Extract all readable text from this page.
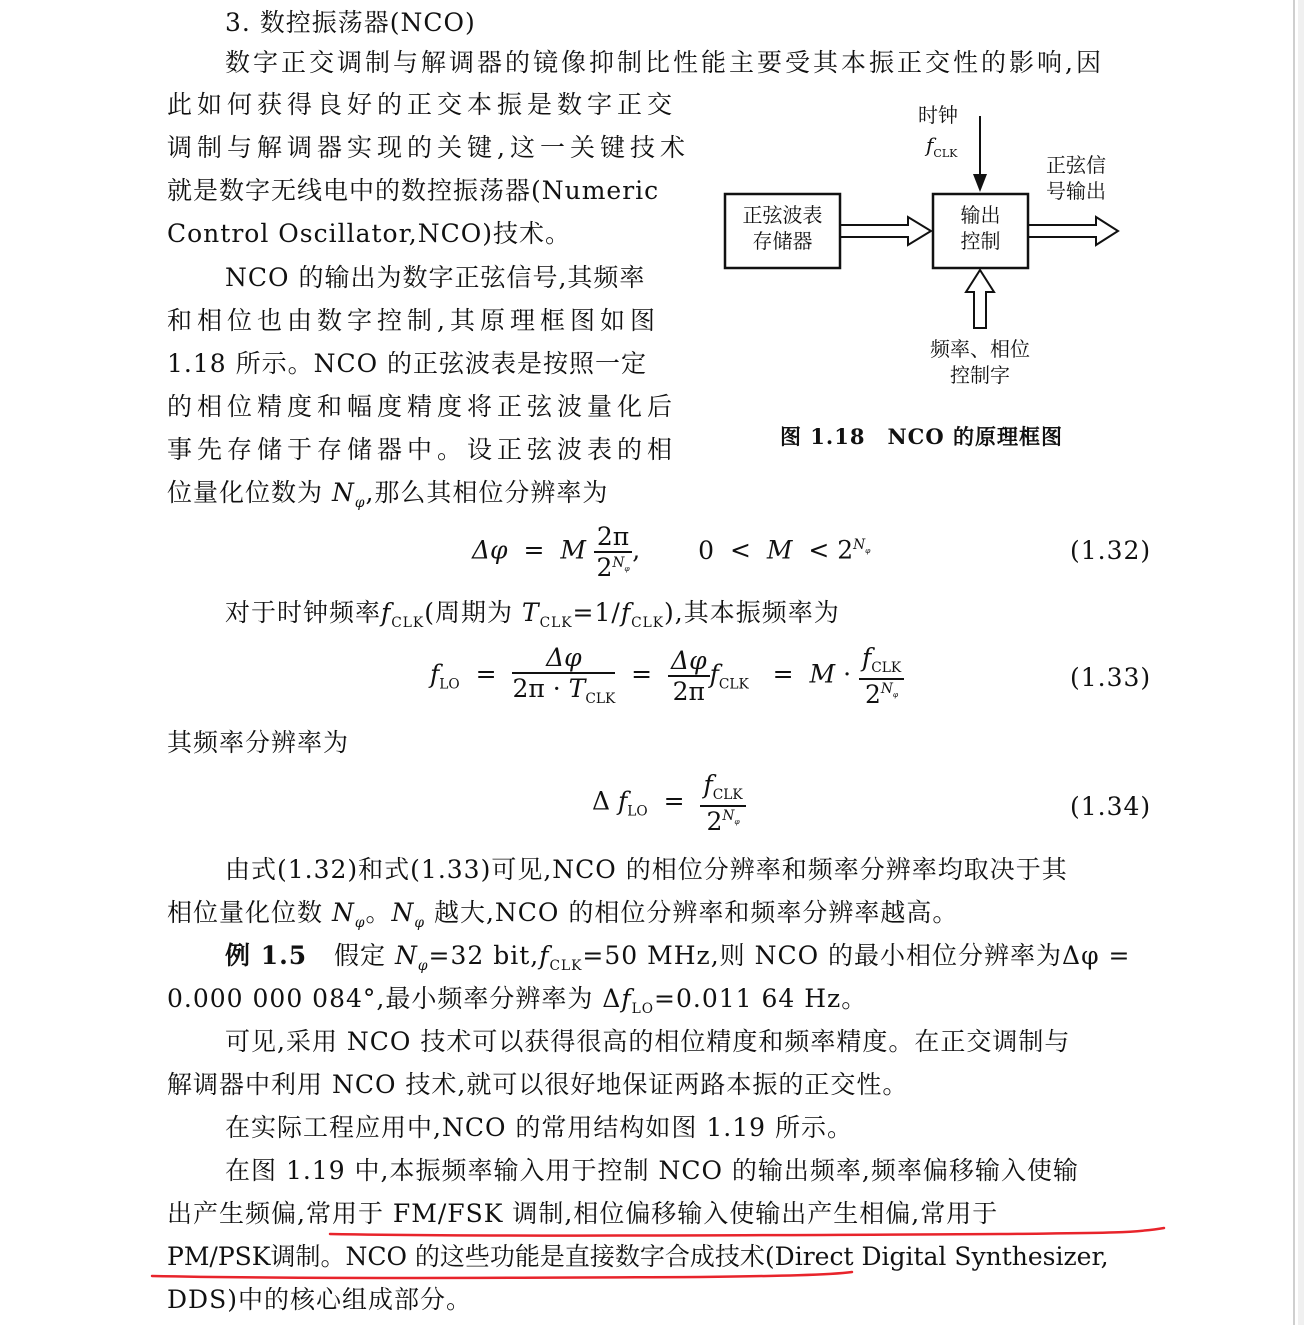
3. 数控振荡器(NCO)
数字正交调制与解调器的镜像抑制比性能主要受其本振正交性的影响,因
此如何获得良好的正交本振是数字正交
调制与解调器实现的关键,这一关键技术
就是数字无线电中的数控振荡器(Numeric
Control Oscillator,NCO)技术。
NCO 的输出为数字正弦信号,其频率
和相位也由数字控制,其原理框图如图
1.18 所示。NCO 的正弦波表是按照一定
的相位精度和幅度精度将正弦波量化后
事先存储于存储器中。设正弦波表的相
位量化位数为 $N_\varphi$,那么其相位分辨率为
时钟
$f_{CLK}$
正弦波表
存储器
输出
控制
正弦信
号输出
频率、相位
控制字
图 1.18　NCO 的原理框图
Δφ = M $\frac{2\pi}{2^{N_\varphi}}$ , $0 < M < 2^{N_\varphi}$	(1.32)
对于时钟频率$f_{CLK}$(周期为 $T_{CLK}=1/f_{CLK}$),其本振频率为
$f_{LO} = \frac{\Delta\varphi}{2\pi \cdot T_{CLK}} = \frac{\Delta\varphi}{2\pi} f_{CLK} = M \cdot \frac{f_{CLK}}{2^{N_\varphi}}$	(1.33)
其频率分辨率为
Δ $f_{LO} = \frac{f_{CLK}}{2^{N_\varphi}}$	(1.34)
由式(1.32)和式(1.33)可见,NCO 的相位分辨率和频率分辨率均取决于其
相位量化位数 $N_\varphi$。$N_\varphi$ 越大,NCO 的相位分辨率和频率分辨率越高。
例 1.5 假定 $N_\varphi=32$ $bit,f_{CLK}=50$ MHz,则 NCO 的最小相位分辨率为Δφ =
0.000 000 084°,最小频率分辨率为 $\Delta f_{LO}=0.011$ 64 Hz。
可见,采用 NCO 技术可以获得很高的相位精度和频率精度。在正交调制与
解调器中利用 NCO 技术,就可以很好地保证两路本振的正交性。
在实际工程应用中,NCO 的常用结构如图 1.19 所示。
在图 1.19 中,本振频率输入用于控制 NCO 的输出频率,频率偏移输入使输
出产生频偏,常用于 FM/FSK 调制,相位偏移输入使输出产生相偏,常用于
PM/PSK调制。NCO 的这些功能是直接数字合成技术(Direct Digital Synthesizer,
DDS)中的核心组成部分。
